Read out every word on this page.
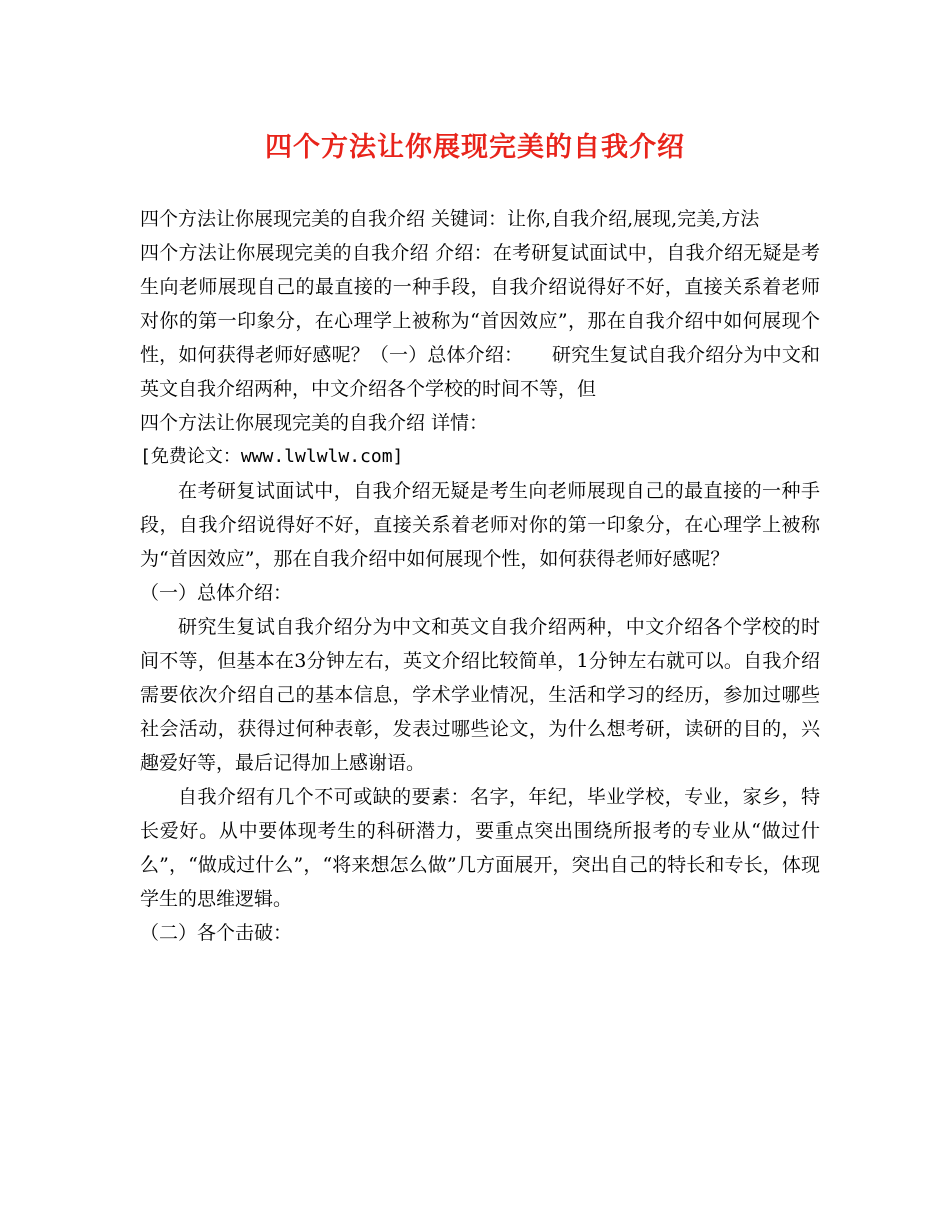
四个方法让你展现完美的自我介绍

四个方法让你展现完美的自我介绍 关键词：让你,自我介绍,展现,完美,方法

四个方法让你展现完美的自我介绍 介绍：在考研复试面试中，自我介绍无疑是考生向老师展现自己的最直接的一种手段，自我介绍说得好不好，直接关系着老师对你的第一印象分，在心理学上被称为“首因效应”，那在自我介绍中如何展现个性，如何获得老师好感呢？（一）总体介绍：　　研究生复试自我介绍分为中文和英文自我介绍两种，中文介绍各个学校的时间不等，但

四个方法让你展现完美的自我介绍 详情：

[免费论文：www.lwlwlw.com]

在考研复试面试中，自我介绍无疑是考生向老师展现自己的最直接的一种手段，自我介绍说得好不好，直接关系着老师对你的第一印象分，在心理学上被称为“首因效应”，那在自我介绍中如何展现个性，如何获得老师好感呢？

（一）总体介绍：

研究生复试自我介绍分为中文和英文自我介绍两种，中文介绍各个学校的时间不等，但基本在3分钟左右，英文介绍比较简单，1分钟左右就可以。自我介绍需要依次介绍自己的基本信息，学术学业情况，生活和学习的经历，参加过哪些社会活动，获得过何种表彰，发表过哪些论文，为什么想考研，读研的目的，兴趣爱好等，最后记得加上感谢语。

自我介绍有几个不可或缺的要素：名字，年纪，毕业学校，专业，家乡，特长爱好。从中要体现考生的科研潜力，要重点突出围绕所报考的专业从“做过什么”，“做成过什么”，“将来想怎么做”几方面展开，突出自己的特长和专长，体现学生的思维逻辑。

（二）各个击破：
